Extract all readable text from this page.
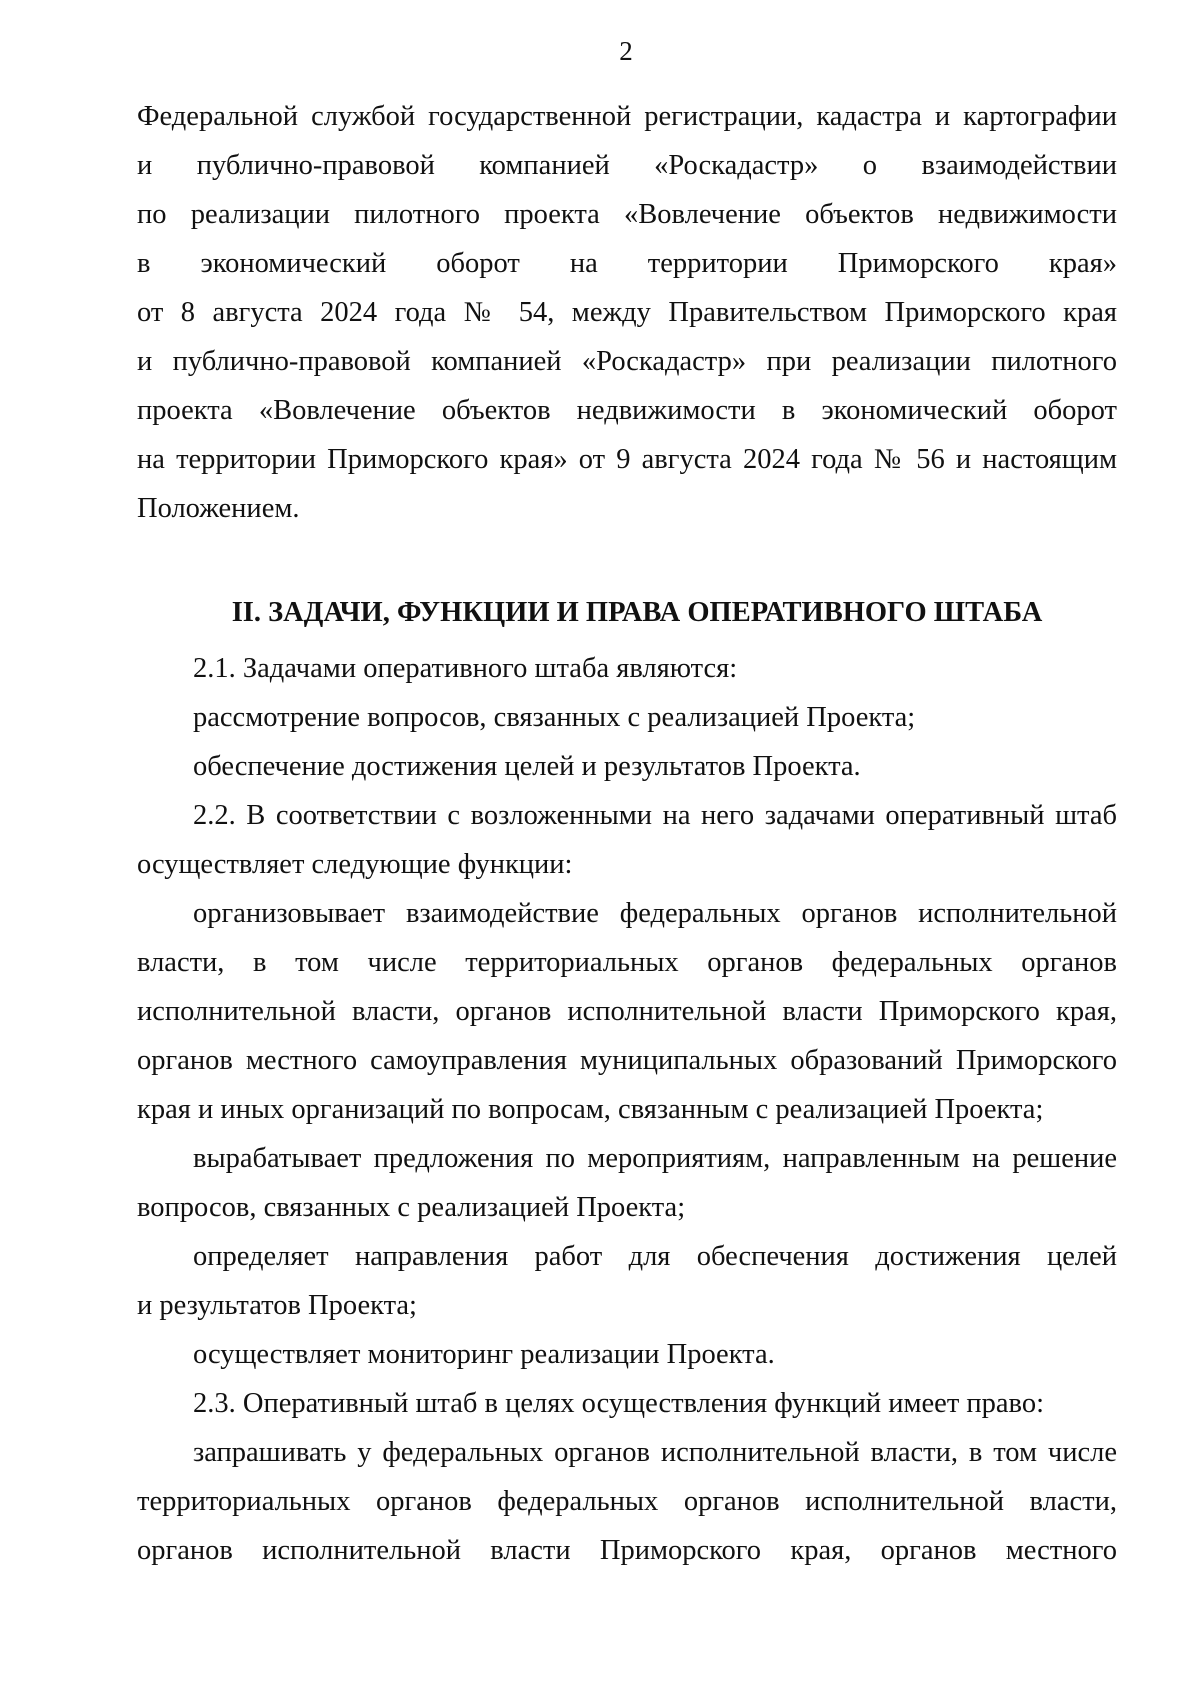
2
Федеральной службой государственной регистрации, кадастра и картографии
и публично-правовой компанией «Роскадастр» о взаимодействии
по реализации пилотного проекта «Вовлечение объектов недвижимости
в экономический оборот на территории Приморского края»
от 8 августа 2024 года № 54, между Правительством Приморского края
и публично-правовой компанией «Роскадастр» при реализации пилотного
проекта «Вовлечение объектов недвижимости в экономический оборот
на территории Приморского края» от 9 августа 2024 года № 56 и настоящим
Положением.
II. ЗАДАЧИ, ФУНКЦИИ И ПРАВА ОПЕРАТИВНОГО ШТАБА
2.1. Задачами оперативного штаба являются:
рассмотрение вопросов, связанных с реализацией Проекта;
обеспечение достижения целей и результатов Проекта.
2.2. В соответствии с возложенными на него задачами оперативный штаб
осуществляет следующие функции:
организовывает взаимодействие федеральных органов исполнительной
власти, в том числе территориальных органов федеральных органов
исполнительной власти, органов исполнительной власти Приморского края,
органов местного самоуправления муниципальных образований Приморского
края и иных организаций по вопросам, связанным с реализацией Проекта;
вырабатывает предложения по мероприятиям, направленным на решение
вопросов, связанных с реализацией Проекта;
определяет направления работ для обеспечения достижения целей
и результатов Проекта;
осуществляет мониторинг реализации Проекта.
2.3. Оперативный штаб в целях осуществления функций имеет право:
запрашивать у федеральных органов исполнительной власти, в том числе
территориальных органов федеральных органов исполнительной власти,
органов исполнительной власти Приморского края, органов местного
